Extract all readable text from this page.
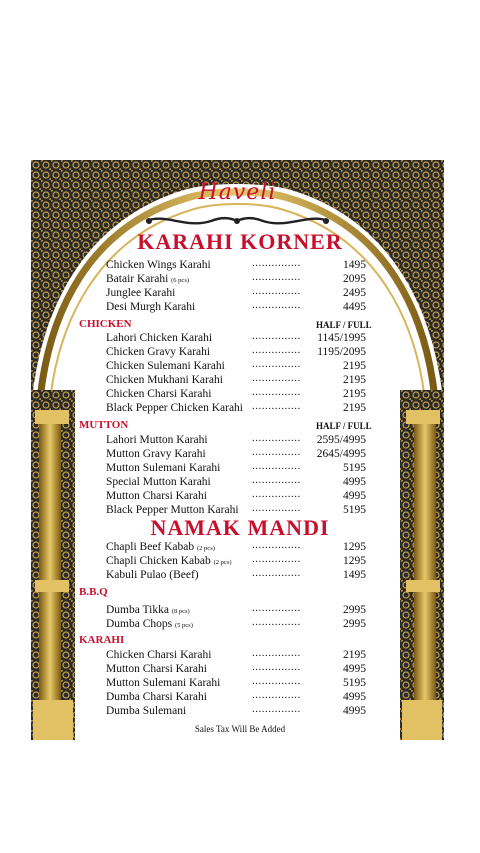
Haveli
KARAHI KORNER
CHICKEN	HALF / FULL
MUTTON	HALF / FULL
NAMAK MANDI
B.B.Q
KARAHI
Sales Tax Will Be Added
Chicken Wings Karahi	...............	1495
Batair Karahi (6 pcs)	...............	2095
Junglee Karahi	...............	2495
Desi Murgh Karahi	...............	4495
Lahori Chicken Karahi	...............	1145/1995
Chicken Gravy Karahi	...............	1195/2095
Chicken Sulemani Karahi ...............	2195
Chicken Mukhani Karahi	...............	2195
Chicken Charsi Karahi	...............	2195
Black Pepper Chicken Karahi ...............	2195
Lahori Mutton Karahi	...............	2595/4995
Mutton Gravy Karahi	...............	2645/4995
Mutton Sulemani Karahi	...............	5195
Special Mutton Karahi	...............	4995
Mutton Charsi Karahi	...............	4995
Black Pepper Mutton Karahi ...............	5195
Chapli Beef Kabab (2 pcs)	...............	1295
Chapli Chicken Kabab (2 pcs) ...............	1295
Kabuli Pulao (Beef)	...............	1495
Dumba Tikka (8 pcs)	...............	2995
Dumba Chops (5 pcs)	...............	2995
Chicken Charsi Karahi	...............	2195
Mutton Charsi Karahi	...............	4995
Mutton Sulemani Karahi	...............	5195
Dumba Charsi Karahi	...............	4995
Dumba Sulemani	...............	4995
